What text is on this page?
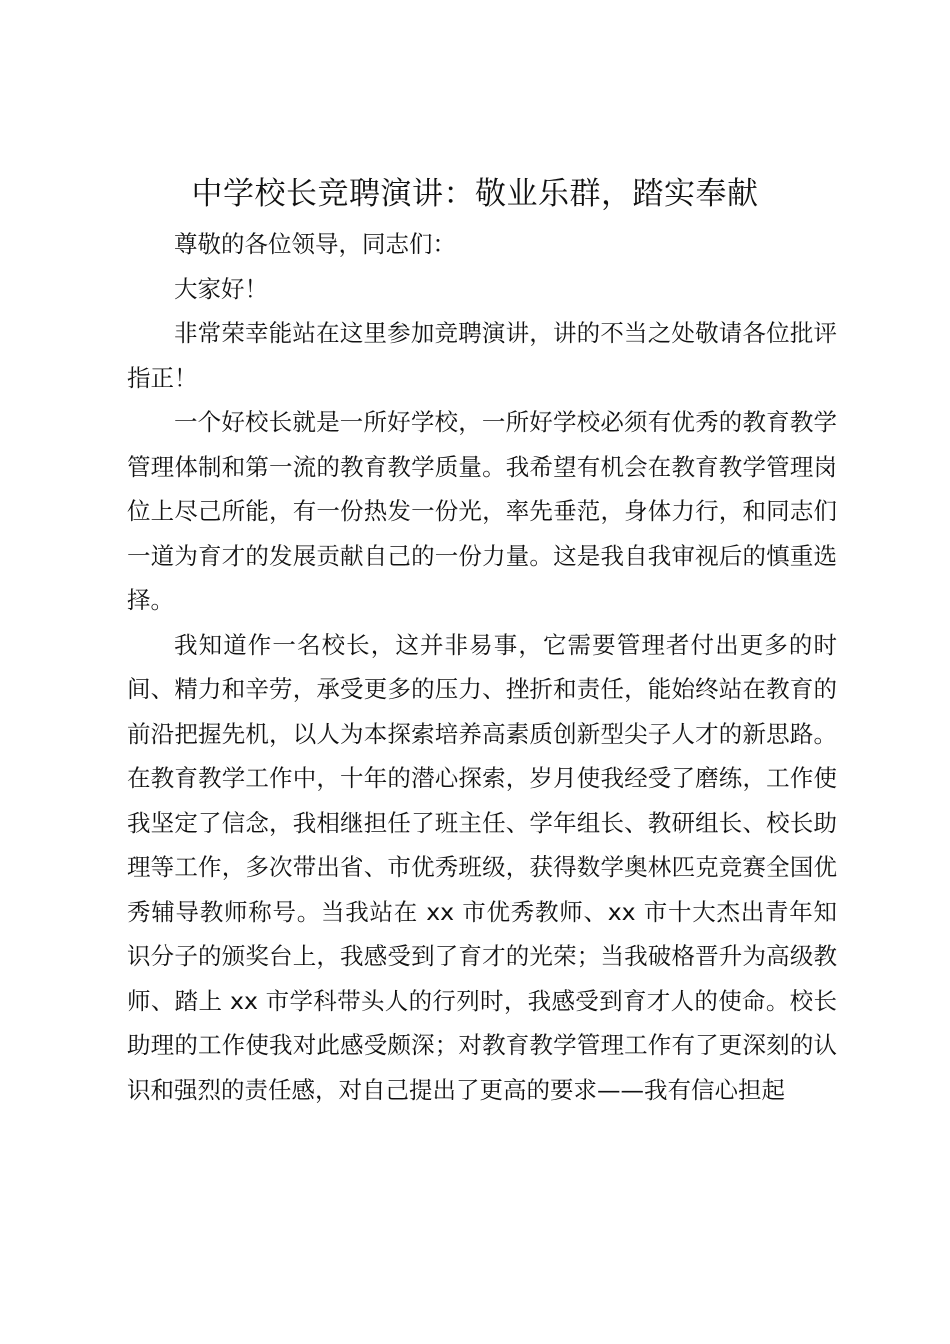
中学校长竞聘演讲：敬业乐群，踏实奉献

尊敬的各位领导，同志们：

大家好！

非常荣幸能站在这里参加竞聘演讲，讲的不当之处敬请各位批评指正！

一个好校长就是一所好学校，一所好学校必须有优秀的教育教学管理体制和第一流的教育教学质量。我希望有机会在教育教学管理岗位上尽己所能，有一份热发一份光，率先垂范，身体力行，和同志们一道为育才的发展贡献自己的一份力量。这是我自我审视后的慎重选择。

我知道作一名校长，这并非易事，它需要管理者付出更多的时间、精力和辛劳，承受更多的压力、挫折和责任，能始终站在教育的前沿把握先机，以人为本探索培养高素质创新型尖子人才的新思路。在教育教学工作中，十年的潜心探索，岁月使我经受了磨练，工作使我坚定了信念，我相继担任了班主任、学年组长、教研组长、校长助理等工作，多次带出省、市优秀班级，获得数学奥林匹克竞赛全国优秀辅导教师称号。当我站在 xx 市优秀教师、xx 市十大杰出青年知识分子的颁奖台上，我感受到了育才的光荣；当我破格晋升为高级教师、踏上 xx 市学科带头人的行列时，我感受到育才人的使命。校长助理的工作使我对此感受颇深；对教育教学管理工作有了更深刻的认识和强烈的责任感，对自己提出了更高的要求——我有信心担起
